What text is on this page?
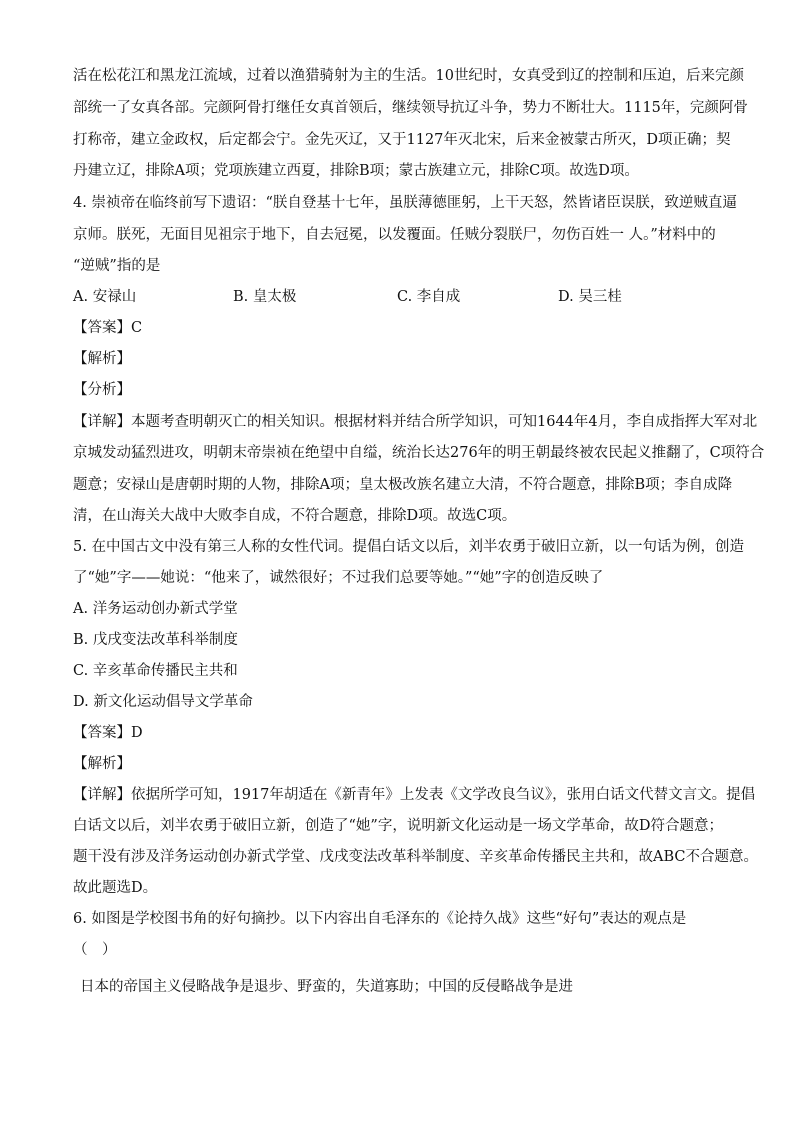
活在松花江和黑龙江流域，过着以渔猎骑射为主的生活。10世纪时，女真受到辽的控制和压迫，后来完颜
部统一了女真各部。完颜阿骨打继任女真首领后，继续领导抗辽斗争，势力不断壮大。1115年，完颜阿骨
打称帝，建立金政权，后定都会宁。金先灭辽，又于1127年灭北宋，后来金被蒙古所灭，D项正确；契
丹建立辽，排除A项；党项族建立西夏，排除B项；蒙古族建立元，排除C项。故选D项。
4. 崇祯帝在临终前写下遗诏：“朕自登基十七年，虽朕薄德匪躬，上干天怒，然皆诸臣误朕，致逆贼直逼
京师。朕死，无面目见祖宗于地下，自去冠冕，以发覆面。任贼分裂朕尸，勿伤百姓一 人。”材料中的
“逆贼”指的是
A. 安禄山	B. 皇太极	C. 李自成	D. 吴三桂
【答案】C
【解析】
【分析】
【详解】本题考查明朝灭亡的相关知识。根据材料并结合所学知识，可知1644年4月，李自成指挥大军对北
京城发动猛烈进攻，明朝末帝崇祯在绝望中自缢，统治长达276年的明王朝最终被农民起义推翻了，C项符合
题意；安禄山是唐朝时期的人物，排除A项；皇太极改族名建立大清，不符合题意，排除B项；李自成降
清，在山海关大战中大败李自成，不符合题意，排除D项。故选C项。
5. 在中国古文中没有第三人称的女性代词。提倡白话文以后，刘半农勇于破旧立新，以一句话为例，创造
了“她”字——她说：“他来了，诚然很好；不过我们总要等她。”“她”字的创造反映了
A. 洋务运动创办新式学堂
B. 戊戌变法改革科举制度
C. 辛亥革命传播民主共和
D. 新文化运动倡导文学革命
【答案】D
【解析】
【详解】依据所学可知，1917年胡适在《新青年》上发表《文学改良刍议》，张用白话文代替文言文。提倡
白话文以后，刘半农勇于破旧立新，创造了“她”字，说明新文化运动是一场文学革命，故D符合题意；
题干没有涉及洋务运动创办新式学堂、戊戌变法改革科举制度、辛亥革命传播民主共和，故ABC不合题意。
故此题选D。
6. 如图是学校图书角的好句摘抄。以下内容出自毛泽东的《论持久战》这些“好句”表达的观点是
（　）
日本的帝国主义侵略战争是退步、野蛮的，失道寡助；中国的反侵略战争是进
